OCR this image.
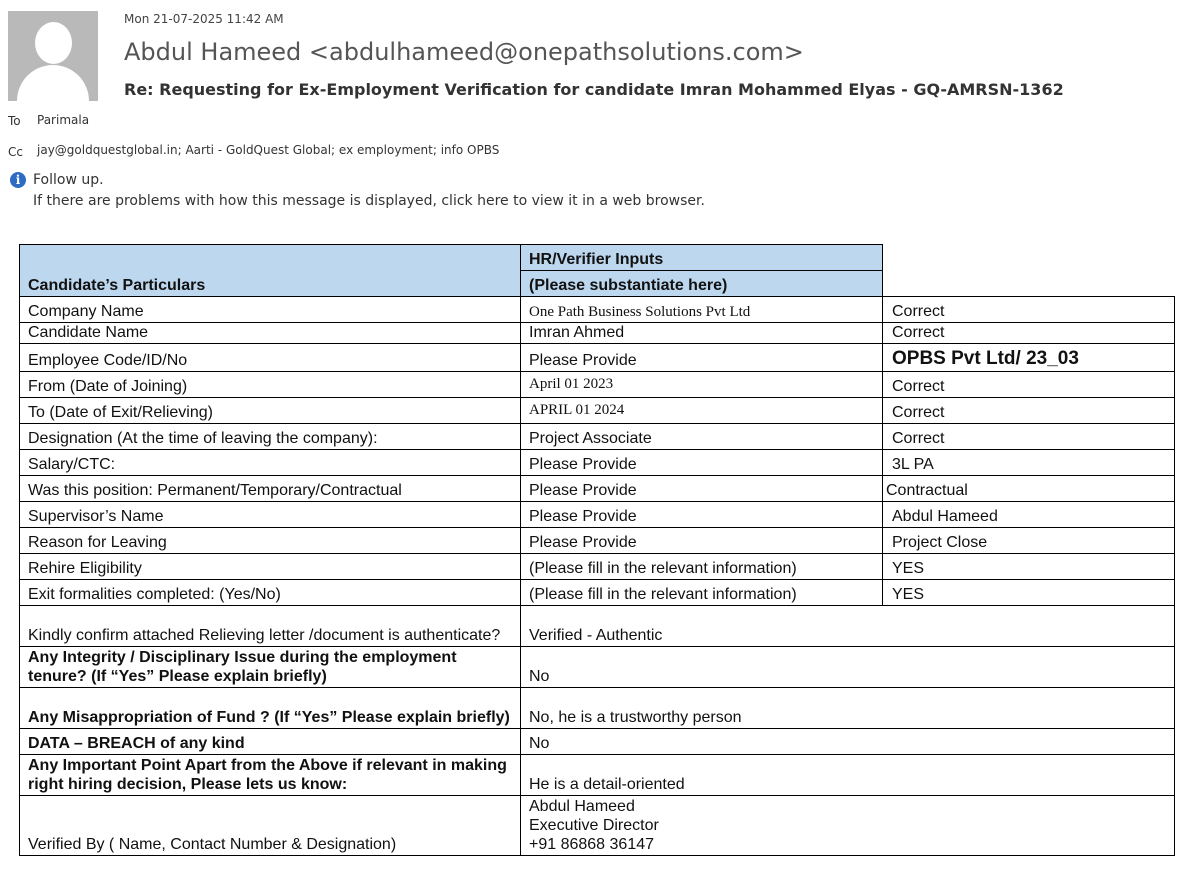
Mon 21-07-2025 11:42 AM
Abdul Hameed <abdulhameed@onepathsolutions.com>
Re: Requesting for Ex-Employment Verification for candidate Imran Mohammed Elyas - GQ-AMRSN-1362
To Parimala
Cc jay@goldquestglobal.in; Aarti - GoldQuest Global; ex employment; info OPBS
i Follow up.
If there are problems with how this message is displayed, click here to view it in a web browser.
Candidate’s Particulars	HR/Verifier Inputs	
	(Please substantiate here)	
Company Name	One Path Business Solutions Pvt Ltd	Correct
Candidate Name	Imran Ahmed	Correct
Employee Code/ID/No	Please Provide	OPBS Pvt Ltd/ 23_03
From (Date of Joining)	April 01 2023	Correct
To (Date of Exit/Relieving)	APRIL 01 2024	Correct
Designation (At the time of leaving the company):	Project Associate	Correct
Salary/CTC:	Please Provide	3L PA
Was this position: Permanent/Temporary/Contractual	Please Provide	Contractual
Supervisor’s Name	Please Provide	Abdul Hameed
Reason for Leaving	Please Provide	Project Close
Rehire Eligibility	(Please fill in the relevant information)	YES
Exit formalities completed: (Yes/No)	(Please fill in the relevant information)	YES
Kindly confirm attached Relieving letter /document is authenticate?	Verified - Authentic	
Any Integrity / Disciplinary Issue during the employment tenure? (If “Yes” Please explain briefly)	No	
Any Misappropriation of Fund ? (If “Yes” Please explain briefly)	No, he is a trustworthy person	
DATA – BREACH of any kind	No	
Any Important Point Apart from the Above if relevant in making right hiring decision, Please lets us know:	He is a detail-oriented	
Verified By ( Name, Contact Number & Designation)	Abdul Hameed
Executive Director
+91 86868 36147	
